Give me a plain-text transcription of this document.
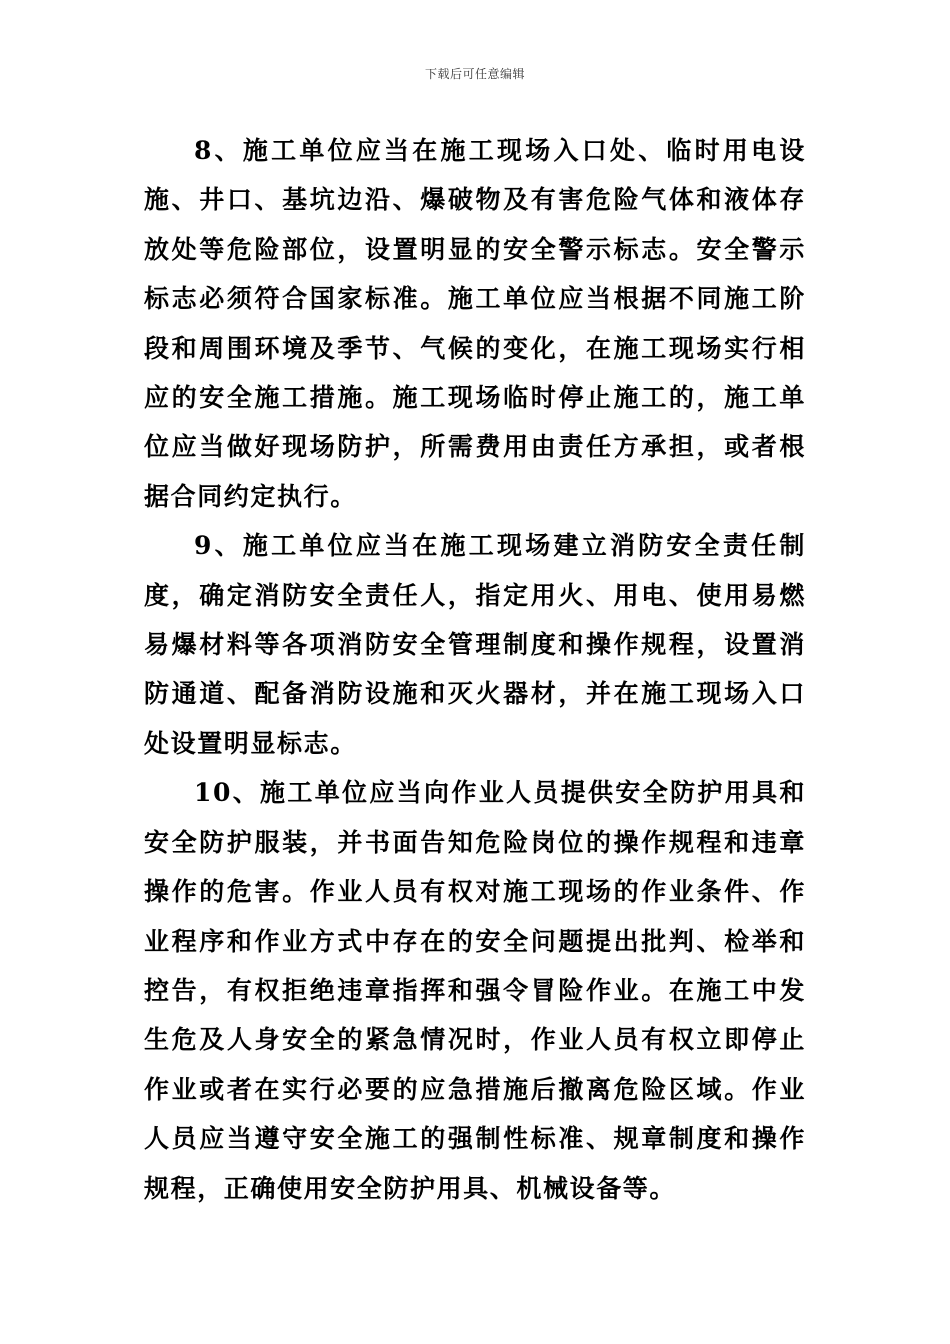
下载后可任意编辑

8、施工单位应当在施工现场入口处、临时用电设施、井口、基坑边沿、爆破物及有害危险气体和液体存放处等危险部位，设置明显的安全警示标志。安全警示标志必须符合国家标准。施工单位应当根据不同施工阶段和周围环境及季节、气候的变化，在施工现场实行相应的安全施工措施。施工现场临时停止施工的，施工单位应当做好现场防护，所需费用由责任方承担，或者根据合同约定执行。

9、施工单位应当在施工现场建立消防安全责任制度，确定消防安全责任人，指定用火、用电、使用易燃易爆材料等各项消防安全管理制度和操作规程，设置消防通道、配备消防设施和灭火器材，并在施工现场入口处设置明显标志。

10、施工单位应当向作业人员提供安全防护用具和安全防护服装，并书面告知危险岗位的操作规程和违章操作的危害。作业人员有权对施工现场的作业条件、作业程序和作业方式中存在的安全问题提出批判、检举和控告，有权拒绝违章指挥和强令冒险作业。在施工中发生危及人身安全的紧急情况时，作业人员有权立即停止作业或者在实行必要的应急措施后撤离危险区域。作业人员应当遵守安全施工的强制性标准、规章制度和操作规程，正确使用安全防护用具、机械设备等。
